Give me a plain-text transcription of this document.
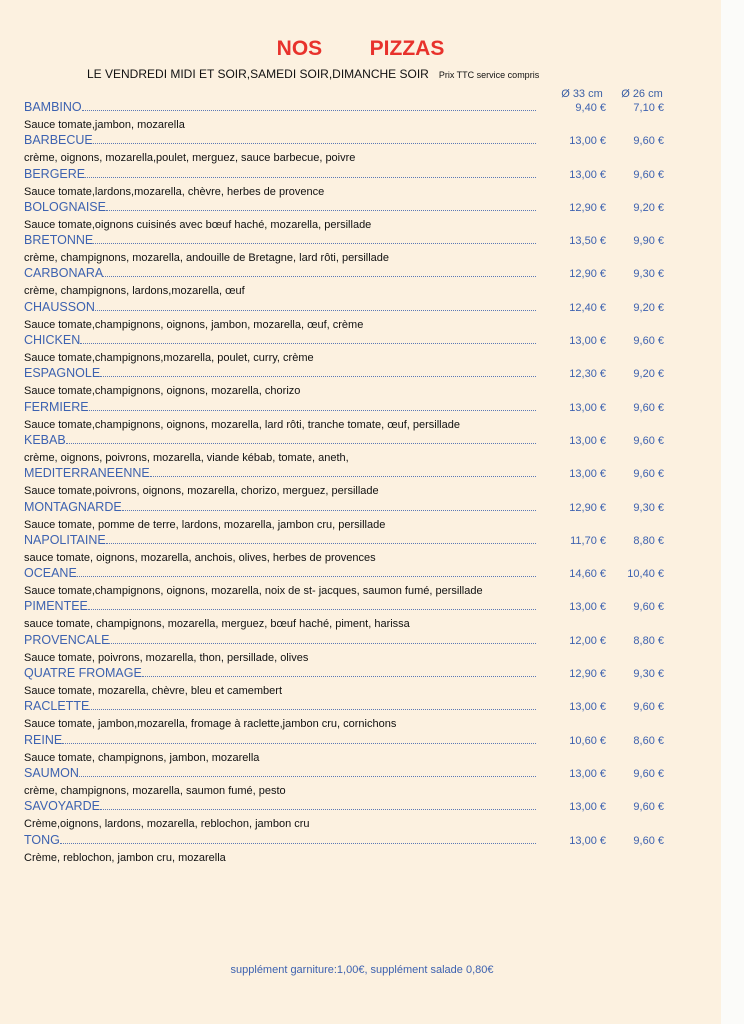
NOS   PIZZAS
LE VENDREDI MIDI ET SOIR,SAMEDI SOIR,DIMANCHE SOIR Prix TTC service compris
Ø 33 cm Ø 26 cm
BAMBINO	9,40 €	7,10 €
Sauce tomate,jambon, mozarella
BARBECUE	13,00 €	9,60 €
crème, oignons, mozarella,poulet, merguez, sauce barbecue, poivre
BERGERE	13,00 €	9,60 €
Sauce tomate,lardons,mozarella, chèvre, herbes de provence
BOLOGNAISE	12,90 €	9,20 €
Sauce tomate,oignons cuisinés avec bœuf haché, mozarella, persillade
BRETONNE	13,50 €	9,90 €
crème, champignons, mozarella, andouille de Bretagne, lard rôti, persillade
CARBONARA	12,90 €	9,30 €
crème, champignons, lardons,mozarella, œuf
CHAUSSON	12,40 €	9,20 €
Sauce tomate,champignons, oignons, jambon, mozarella, œuf, crème
CHICKEN	13,00 €	9,60 €
Sauce tomate,champignons,mozarella, poulet, curry, crème
ESPAGNOLE	12,30 €	9,20 €
Sauce tomate,champignons, oignons, mozarella, chorizo
FERMIERE	13,00 €	9,60 €
Sauce tomate,champignons, oignons, mozarella, lard rôti, tranche tomate, œuf, persillade
KEBAB	13,00 €	9,60 €
crème, oignons, poivrons, mozarella, viande kébab, tomate, aneth,
MEDITERRANEENNE	13,00 €	9,60 €
Sauce tomate,poivrons, oignons, mozarella, chorizo, merguez, persillade
MONTAGNARDE	12,90 €	9,30 €
Sauce tomate, pomme de terre, lardons, mozarella, jambon cru, persillade
NAPOLITAINE	11,70 €	8,80 €
sauce tomate, oignons, mozarella, anchois, olives, herbes de provences
OCEANE	14,60 €	10,40 €
Sauce tomate,champignons, oignons, mozarella, noix de st- jacques, saumon fumé, persillade
PIMENTEE	13,00 €	9,60 €
sauce tomate, champignons, mozarella, merguez, bœuf haché, piment, harissa
PROVENCALE	12,00 €	8,80 €
Sauce tomate, poivrons, mozarella, thon, persillade, olives
QUATRE FROMAGE	12,90 €	9,30 €
Sauce tomate, mozarella, chèvre, bleu et camembert
RACLETTE	13,00 €	9,60 €
Sauce tomate, jambon,mozarella, fromage à raclette,jambon cru, cornichons
REINE	10,60 €	8,60 €
Sauce tomate, champignons, jambon, mozarella
SAUMON	13,00 €	9,60 €
crème, champignons, mozarella, saumon fumé, pesto
SAVOYARDE	13,00 €	9,60 €
Crème,oignons, lardons, mozarella, reblochon, jambon cru
TONG	13,00 €	9,60 €
Crème, reblochon, jambon cru, mozarella
supplément garniture:1,00€, supplément salade 0,80€
